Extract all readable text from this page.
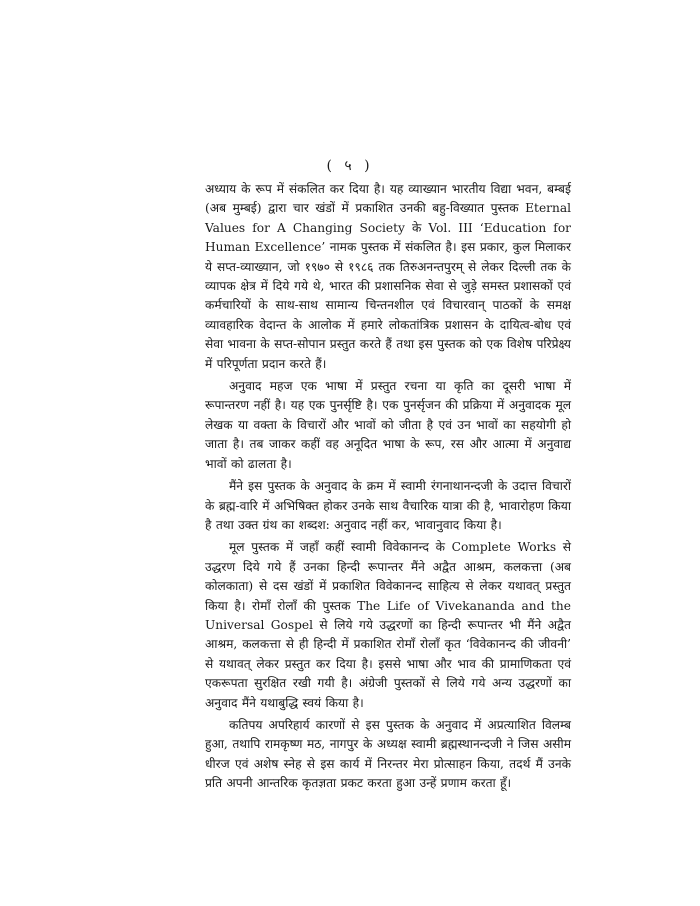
( ५ )

अध्याय के रूप में संकलित कर दिया है। यह व्याख्यान भारतीय विद्या भवन, बम्बई (अब मुम्बई) द्वारा चार खंडों में प्रकाशित उनकी बहु-विख्यात पुस्तक Eternal Values for A Changing Society के Vol. III ‘Education for Human Excellence’ नामक पुस्तक में संकलित है। इस प्रकार, कुल मिलाकर ये सप्त-व्याख्यान, जो १९७० से १९८६ तक तिरुअनन्तपुरम् से लेकर दिल्ली तक के व्यापक क्षेत्र में दिये गये थे, भारत की प्रशासनिक सेवा से जुड़े समस्त प्रशासकों एवं कर्मचारियों के साथ-साथ सामान्य चिन्तनशील एवं विचारवान् पाठकों के समक्ष व्यावहारिक वेदान्त के आलोक में हमारे लोकतांत्रिक प्रशासन के दायित्व-बोध एवं सेवा भावना के सप्त-सोपान प्रस्तुत करते हैं तथा इस पुस्तक को एक विशेष परिप्रेक्ष्य में परिपूर्णता प्रदान करते हैं।

अनुवाद महज एक भाषा में प्रस्तुत रचना या कृति का दूसरी भाषा में रूपान्तरण नहीं है। यह एक पुनर्सृष्टि है। एक पुनर्सृजन की प्रक्रिया में अनुवादक मूल लेखक या वक्ता के विचारों और भावों को जीता है एवं उन भावों का सहयोगी हो जाता है। तब जाकर कहीं वह अनूदित भाषा के रूप, रस और आत्मा में अनुवाद्य भावों को ढालता है।

मैंने इस पुस्तक के अनुवाद के क्रम में स्वामी रंगनाथानन्दजी के उदात्त विचारों के ब्रह्म-वारि में अभिषिक्त होकर उनके साथ वैचारिक यात्रा की है, भावारोहण किया है तथा उक्त ग्रंथ का शब्दश: अनुवाद नहीं कर, भावानुवाद किया है।

मूल पुस्तक में जहाँ कहीं स्वामी विवेकानन्द के Complete Works से उद्धरण दिये गये हैं उनका हिन्दी रूपान्तर मैंने अद्वैत आश्रम, कलकत्ता (अब कोलकाता) से दस खंडों में प्रकाशित विवेकानन्द साहित्य से लेकर यथावत् प्रस्तुत किया है। रोमाँ रोलाँ की पुस्तक The Life of Vivekananda and the Universal Gospel से लिये गये उद्धरणों का हिन्दी रूपान्तर भी मैंने अद्वैत आश्रम, कलकत्ता से ही हिन्दी में प्रकाशित रोमाँ रोलाँ कृत ‘विवेकानन्द की जीवनी’ से यथावत् लेकर प्रस्तुत कर दिया है। इससे भाषा और भाव की प्रामाणिकता एवं एकरूपता सुरक्षित रखी गयी है। अंग्रेजी पुस्तकों से लिये गये अन्य उद्धरणों का अनुवाद मैंने यथाबुद्धि स्वयं किया है।

कतिपय अपरिहार्य कारणों से इस पुस्तक के अनुवाद में अप्रत्याशित विलम्ब हुआ, तथापि रामकृष्ण मठ, नागपुर के अध्यक्ष स्वामी ब्रह्मस्थानन्दजी ने जिस असीम धीरज एवं अशेष स्नेह से इस कार्य में निरन्तर मेरा प्रोत्साहन किया, तदर्थ मैं उनके प्रति अपनी आन्तरिक कृतज्ञता प्रकट करता हुआ उन्हें प्रणाम करता हूँ।
